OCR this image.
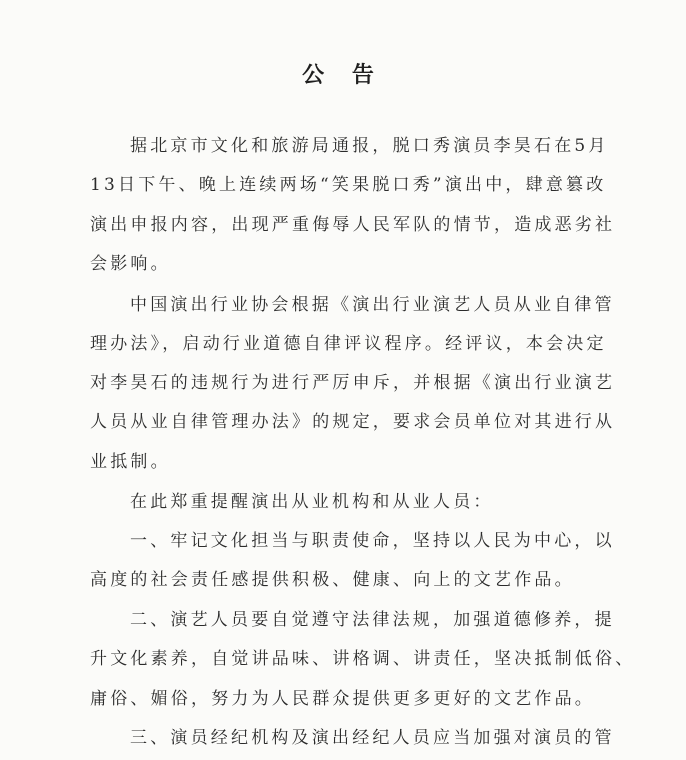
公 告
据北京市文化和旅游局通报，脱口秀演员李昊石在5月
13日下午、晚上连续两场“笑果脱口秀”演出中，肆意篡改
演出申报内容，出现严重侮辱人民军队的情节，造成恶劣社
会影响。
中国演出行业协会根据《演出行业演艺人员从业自律管
理办法》，启动行业道德自律评议程序。经评议，本会决定
对李昊石的违规行为进行严厉申斥，并根据《演出行业演艺
人员从业自律管理办法》的规定，要求会员单位对其进行从
业抵制。
在此郑重提醒演出从业机构和从业人员：
一、牢记文化担当与职责使命，坚持以人民为中心，以
高度的社会责任感提供积极、健康、向上的文艺作品。
二、演艺人员要自觉遵守法律法规，加强道德修养，提
升文化素养，自觉讲品味、讲格调、讲责任，坚决抵制低俗、
庸俗、媚俗，努力为人民群众提供更多更好的文艺作品。
三、演员经纪机构及演出经纪人员应当加强对演员的管
